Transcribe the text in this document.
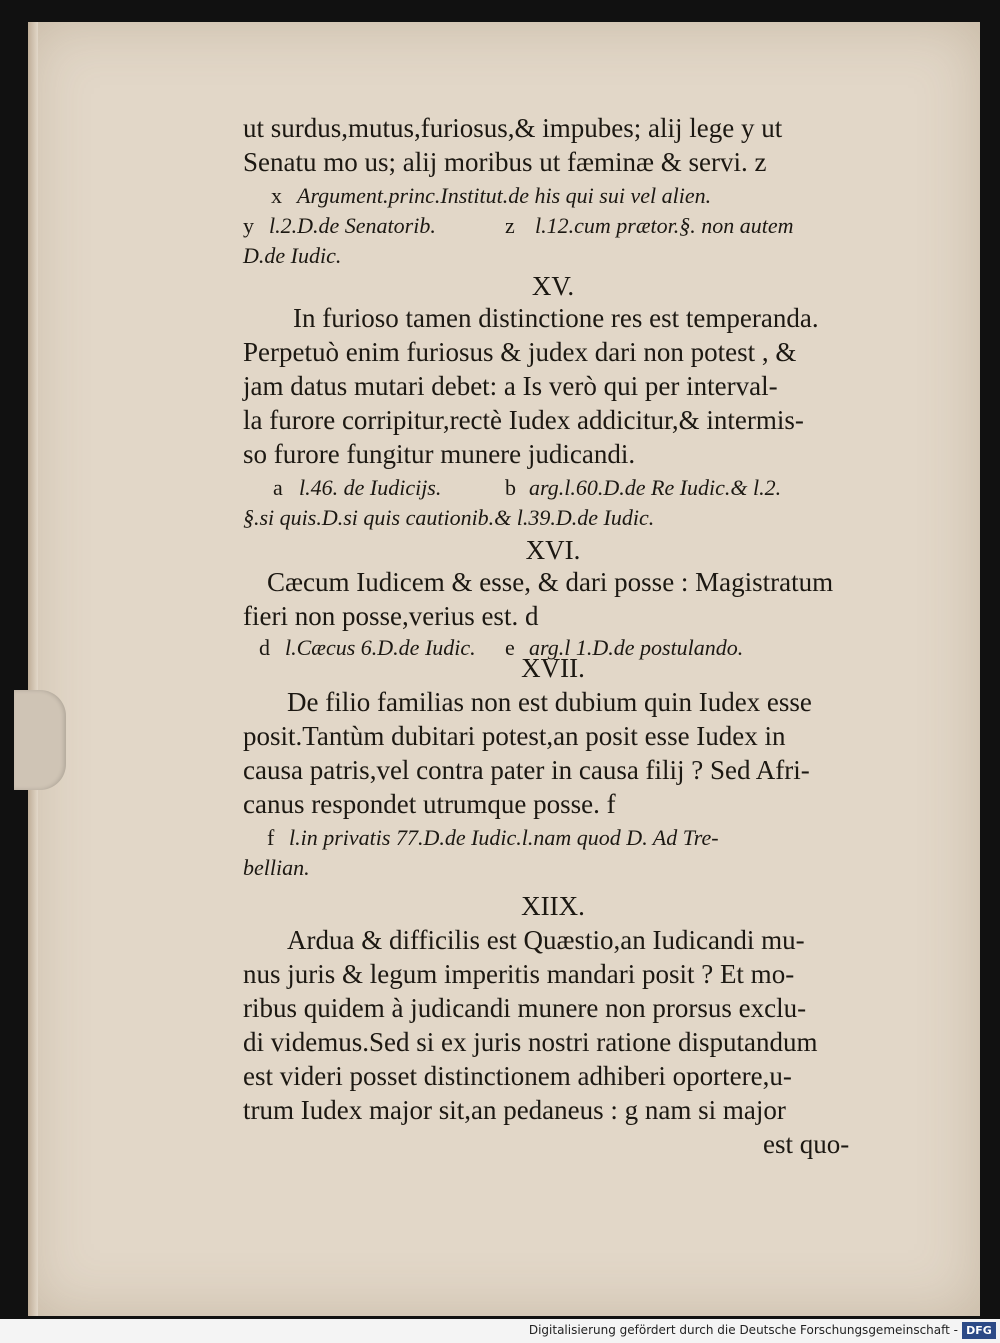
ut surdus,mutus,furiosus,& impubes; alij lege y ut
Senatu mo us; alij moribus ut fæminæ & servi. z
x Argument.princ.Institut.de his qui sui vel alien.
y l.2.D.de Senatorib.	z l.12.cum prætor.§. non autem
D.de Iudic.
XV.
In furioso tamen distinctione res est temperanda.
Perpetuò enim furiosus & judex dari non potest , &
jam datus mutari debet: a Is verò qui per interval-
la furore corripitur,rectè Iudex addicitur,& intermis-
so furore fungitur munere judicandi.
a l.46. de Iudicijs.	b arg.l.60.D.de Re Iudic.& l.2.
§.si quis.D.si quis cautionib.& l.39.D.de Iudic.
XVI.
Cæcum Iudicem & esse, & dari posse : Magistratum
fieri non posse,verius est. d
d l.Cæcus 6.D.de Iudic. e arg.l 1.D.de postulando.
XVII.
De filio familias non est dubium quin Iudex esse
posit.Tantùm dubitari potest,an posit esse Iudex in
causa patris,vel contra pater in causa filij ? Sed Afri-
canus respondet utrumque posse. f
f l.in privatis 77.D.de Iudic.l.nam quod D. Ad Tre-
bellian.
XIIX.
Ardua & difficilis est Quæstio,an Iudicandi mu-
nus juris & legum imperitis mandari posit ? Et mo-
ribus quidem à judicandi munere non prorsus exclu-
di videmus.Sed si ex juris nostri ratione disputandum
est videri posset distinctionem adhiberi oportere,u-
trum Iudex major sit,an pedaneus : g nam si major
est quo-
Digitalisierung gefördert durch die Deutsche Forschungsgemeinschaft - DFG
